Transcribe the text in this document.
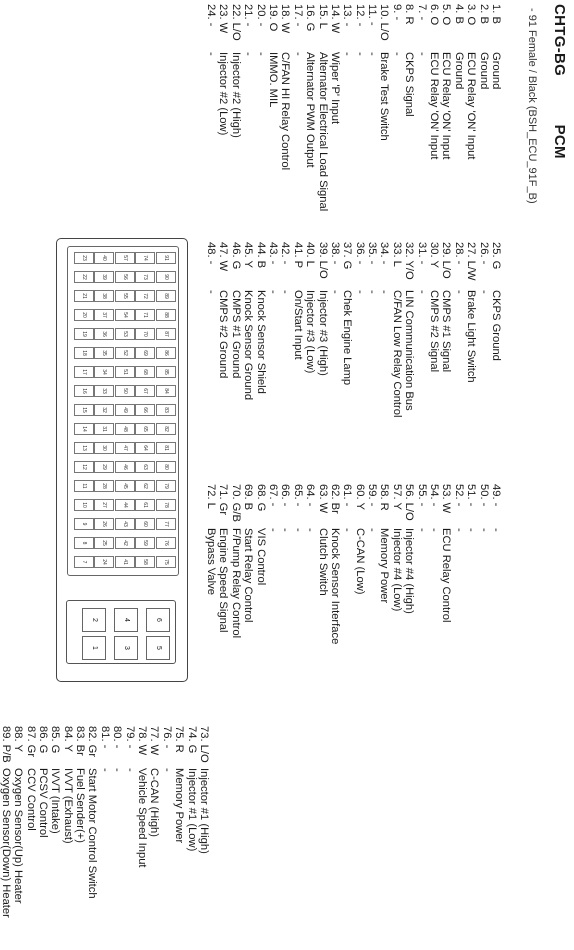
CHTG-BG PCM
- 91 Female / Black (BSH_ECU_91F_B)
1. B
Ground
2. B
Ground
3. O
ECU Relay 'ON' Input
4. B
Ground
5. O
ECU Relay 'ON' Input
6. O
ECU Relay 'ON' Input
7. -
-
8. R
CKPS Signal
9. -
-
10. L/O
Brake Test Switch
11. -
-
12. -
-
13. -
-
14. W
Wiper 'P' Input
15. L
Alternator Electrical Load Signal
16. G
Alternator PWM Output
17. -
-
18. W
C/FAN HI Relay Control
19. O
IMMO. MIL
20. -
-
21. -
-
22. L/O
Injector #2 (High)
23. W
Injector #2 (Low)
24. -
-
25. G
CKPS Ground
26. -
-
27. L/W
Brake Light Switch
28. -
-
29. L/O
CMPS #1 Signal
30. Y
CMPS #2 Signal
31. -
-
32. Y/O
LIN Communication Bus
33. L
C/FAN Low Relay Control
34. -
-
35. -
-
36. -
-
37. G
Chek Engine Lamp
38. -
-
39. L/O
Injector #3 (High)
40. L
Injector #3 (Low)
41. P
On/Start Input
42. -
-
43. -
-
44. B
Knock Sensor Shield
45. Y
Knock Sensor Ground
46. G
CMPS #1 Ground
47. W
CMPS #2 Ground
48. -
-
49. -
-
50. -
-
51. -
-
52. -
-
53. W
ECU Relay Control
54. -
-
55. -
-
56. L/O
Injector #4 (High)
57. Y
Injector #4 (Low)
58. R
Memory Power
59. -
-
60. Y
C-CAN (Low)
61. -
-
62. Br
Knock Sensor Interface
63. W
Clutch Switch
64. -
-
65. -
-
66. -
-
67. -
-
68. G
VIS Control
69. B
Start Relay Control
70. G/B
F/Pump Relay Control
71. Gr
Engine Speed Signal
72. L
Bypass Valve
73. L/O
Injector #1 (High)
74. G
Injector #1 (Low)
75. R
Memory Power
76. -
-
77. W
C-CAN (High)
78. W
Vehicle Speed Input
79. -
-
80. -
-
81. -
-
82. Gr
Start Motor Control Switch
83. Br
Fuel Sender(+)
84. Y
IVVT (Exhaust)
85. G
IVVT (Intake)
86. G
PCSV Control
87. Gr
CCV Control
88. Y
Oxygen Sensor(Up) Heater
89. P/B
Oxygen Sensor(Down) Heater
91
90
89
88
87
86
85
84
83
82
81
80
79
78
77
76
75
74
73
72
71
70
69
68
67
66
65
64
63
62
61
60
59
58
57
56
55
54
53
52
51
50
49
48
47
46
45
44
43
42
41
40
39
38
37
36
35
34
33
32
31
30
29
28
27
26
25
24
23
22
21
20
19
18
17
16
15
14
13
12
11
10
9
8
7
6
5
4
3
2
1
